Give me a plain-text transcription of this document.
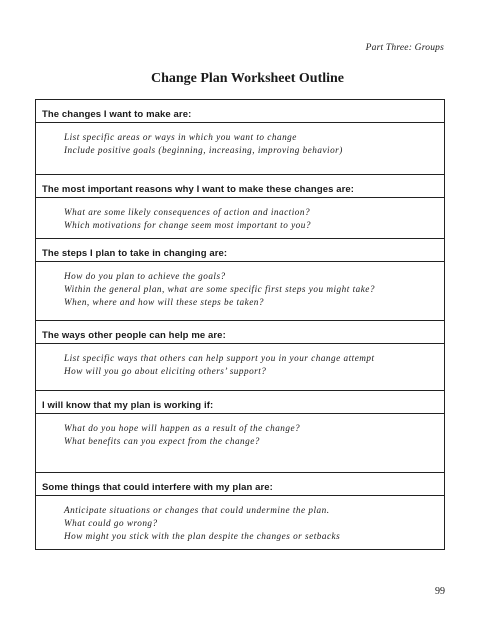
Part Three: Groups
Change Plan Worksheet Outline
The changes I want to make are:
List specific areas or ways in which you want to change
Include positive goals (beginning, increasing, improving behavior)
The most important reasons why I want to make these changes are:
What are some likely consequences of action and inaction?
Which motivations for change seem most important to you?
The steps I plan to take in changing are:
How do you plan to achieve the goals?
Within the general plan, what are some specific first steps you might take?
When, where and how will these steps be taken?
The ways other people can help me are:
List specific ways that others can help support you in your change attempt
How will you go about eliciting others’ support?
I will know that my plan is working if:
What do you hope will happen as a result of the change?
What benefits can you expect from the change?
Some things that could interfere with my plan are:
Anticipate situations or changes that could undermine the plan.
What could go wrong?
How might you stick with the plan despite the changes or setbacks
99
